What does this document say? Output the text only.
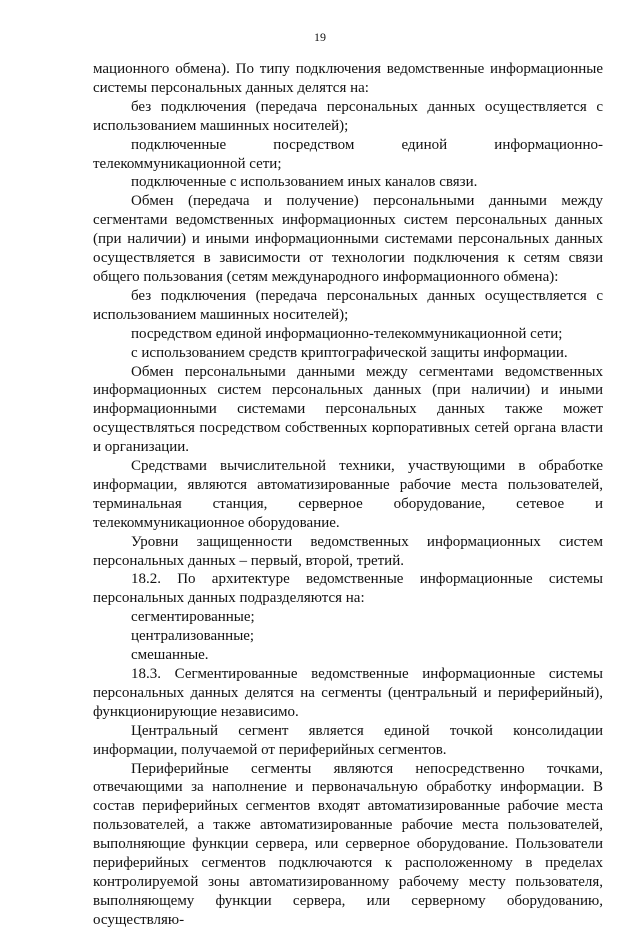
19

мационного обмена). По типу подключения ведомственные информационные системы персональных данных делятся на:

без подключения (передача персональных данных осуществляется с использованием машинных носителей);

подключенные посредством единой информационно-телекоммуникационной сети;

подключенные с использованием иных каналов связи.

Обмен (передача и получение) персональными данными между сегментами ведомственных информационных систем персональных данных (при наличии) и иными информационными системами персональных данных осуществляется в зависимости от технологии подключения к сетям связи общего пользования (сетям международного информационного обмена):

без подключения (передача персональных данных осуществляется с использованием машинных носителей);

посредством единой информационно-телекоммуникационной сети;

с использованием средств криптографической защиты информации.

Обмен персональными данными между сегментами ведомственных информационных систем персональных данных (при наличии) и иными информационными системами персональных данных также может осуществляться посредством собственных корпоративных сетей органа власти и организации.

Средствами вычислительной техники, участвующими в обработке информации, являются автоматизированные рабочие места пользователей, терминальная станция, серверное оборудование, сетевое и телекоммуникационное оборудование.

Уровни защищенности ведомственных информационных систем персональных данных – первый, второй, третий.

18.2. По архитектуре ведомственные информационные системы персональных данных подразделяются на:

сегментированные;

централизованные;

смешанные.

18.3. Сегментированные ведомственные информационные системы персональных данных делятся на сегменты (центральный и периферийный), функционирующие независимо.

Центральный сегмент является единой точкой консолидации информации, получаемой от периферийных сегментов.

Периферийные сегменты являются непосредственно точками, отвечающими за наполнение и первоначальную обработку информации. В состав периферийных сегментов входят автоматизированные рабочие места пользователей, а также автоматизированные рабочие места пользователей, выполняющие функции сервера, или серверное оборудование. Пользователи периферийных сегментов подключаются к расположенному в пределах контролируемой зоны автоматизированному рабочему месту пользователя, выполняющему функции сервера, или серверному оборудованию, осуществляю-
